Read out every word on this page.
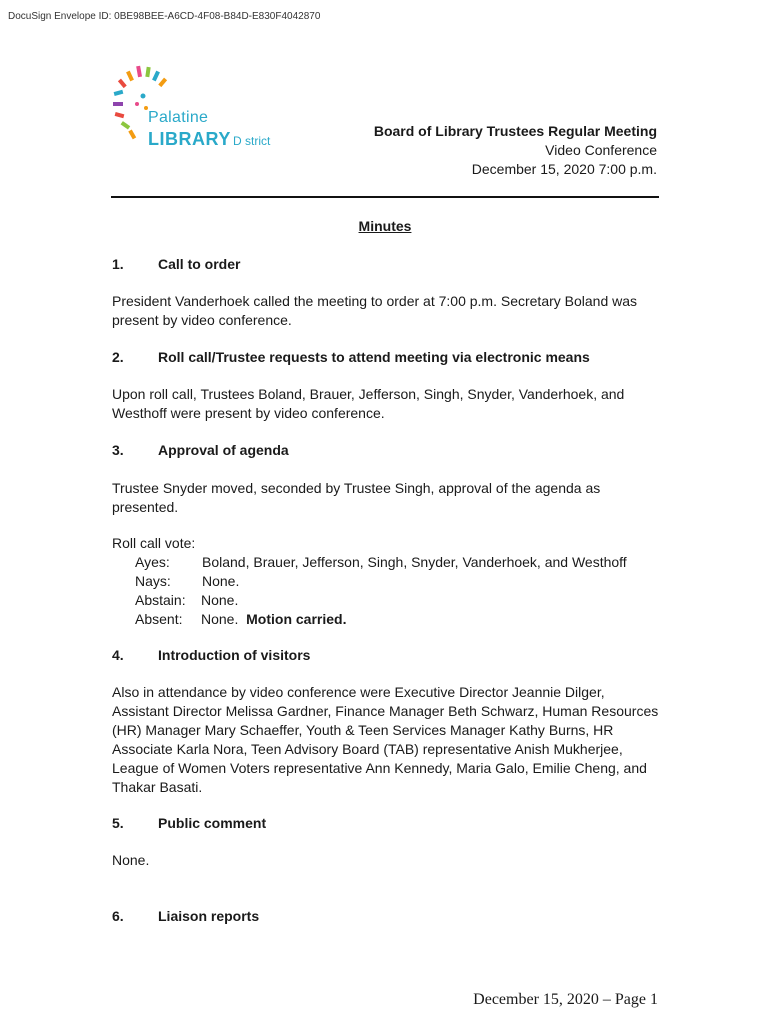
DocuSign Envelope ID: 0BE98BEE-A6CD-4F08-B84D-E830F4042870
Palatine
LIBRARY D strict
Board of Library Trustees Regular Meeting
Video Conference
December 15, 2020 7:00 p.m.
Minutes
1.	Call to order
President Vanderhoek called the meeting to order at 7:00 p.m. Secretary Boland was present by video conference.
2.	Roll call/Trustee requests to attend meeting via electronic means
Upon roll call, Trustees Boland, Brauer, Jefferson, Singh, Snyder, Vanderhoek, and Westhoff were present by video conference.
3.	Approval of agenda
Trustee Snyder moved, seconded by Trustee Singh, approval of the agenda as presented.
Roll call vote:
Ayes:	Boland, Brauer, Jefferson, Singh, Snyder, Vanderhoek, and Westhoff
Nays:	None.
Abstain:	None.
Absent:	None.
Motion carried.
4.	Introduction of visitors
Also in attendance by video conference were Executive Director Jeannie Dilger, Assistant Director Melissa Gardner, Finance Manager Beth Schwarz, Human Resources (HR) Manager Mary Schaeffer, Youth & Teen Services Manager Kathy Burns, HR Associate Karla Nora, Teen Advisory Board (TAB) representative Anish Mukherjee, League of Women Voters representative Ann Kennedy, Maria Galo, Emilie Cheng, and Thakar Basati.
5.	Public comment
None.
6.	Liaison reports
December 15, 2020 – Page 1
